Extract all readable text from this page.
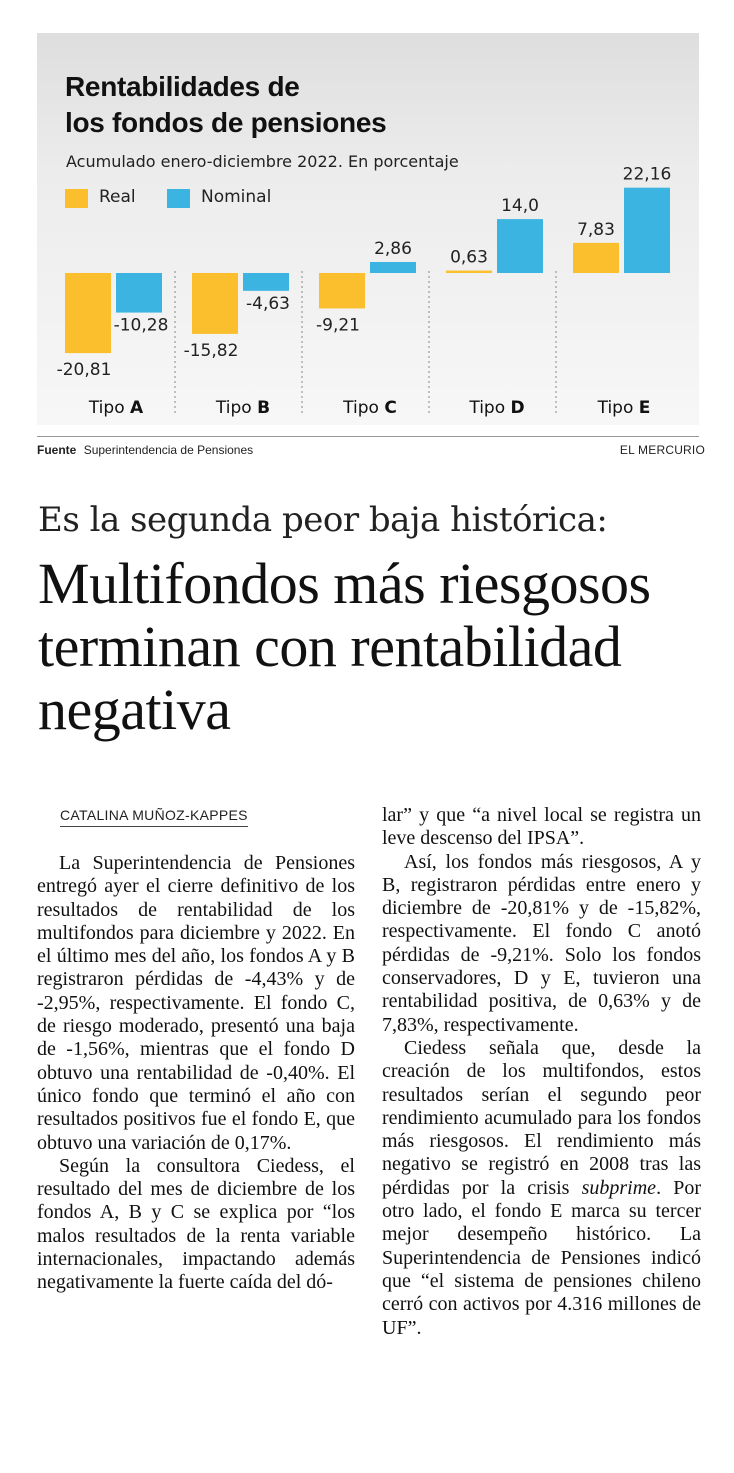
Rentabilidades de
los fondos de pensiones
Acumulado enero-diciembre 2022. En porcentaje
Real	Nominal
-20,81
-10,28
Tipo A
-15,82
-4,63
Tipo B
-9,21
2,86
Tipo C
0,63
14,0
Tipo D
7,83
22,16
Tipo E
Fuente Superintendencia de Pensiones	EL MERCURIO
Es la segunda peor baja histórica:
Multifondos más riesgosos terminan con rentabilidad negativa
CATALINA MUÑOZ-KAPPES

La Superintendencia de Pensiones entregó ayer el cierre definitivo de los resultados de rentabilidad de los multifondos para diciembre y 2022. En el último mes del año, los fondos A y B registraron pérdidas de -4,43% y de -2,95%, respectivamente. El fondo C, de riesgo moderado, presentó una baja de -1,56%, mientras que el fondo D obtuvo una rentabilidad de -0,40%. El único fondo que terminó el año con resultados positivos fue el fondo E, que obtuvo una variación de 0,17%.

Según la consultora Ciedess, el resultado del mes de diciembre de los fondos A, B y C se explica por “los malos resultados de la renta variable internacionales, impactando además negativamente la fuerte caída del dó-

lar” y que “a nivel local se registra un leve descenso del IPSA”.

Así, los fondos más riesgosos, A y B, registraron pérdidas entre enero y diciembre de -20,81% y de -15,82%, respectivamente. El fondo C anotó pérdidas de -9,21%. Solo los fondos conservadores, D y E, tuvieron una rentabilidad positiva, de 0,63% y de 7,83%, respectivamente.

Ciedess señala que, desde la creación de los multifondos, estos resultados serían el segundo peor rendimiento acumulado para los fondos más riesgosos. El rendimiento más negativo se registró en 2008 tras las pérdidas por la crisis subprime. Por otro lado, el fondo E marca su tercer mejor desempeño histórico. La Superintendencia de Pensiones indicó que “el sistema de pensiones chileno cerró con activos por 4.316 millones de UF”.
